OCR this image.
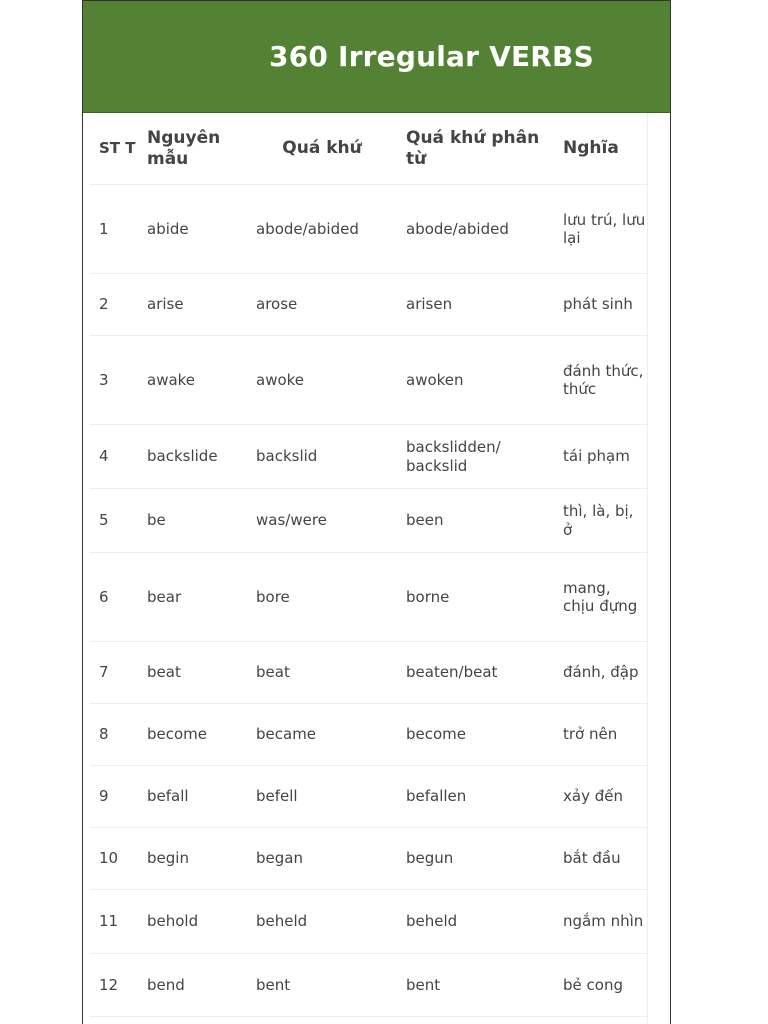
360 Irregular VERBS
ST T	Nguyên mẫu	Quá khứ	Quá khứ phân từ	Nghĩa
1	abide	abode/abided	abode/abided	lưu trú, lưu lại
2	arise	arose	arisen	phát sinh
3	awake	awoke	awoken	đánh thức, thức
4	backslide	backslid	backslidden/ backslid	tái phạm
5	be	was/were	been	thì, là, bị, ở
6	bear	bore	borne	mang, chịu đựng
7	beat	beat	beaten/beat	đánh, đập
8	become	became	become	trở nên
9	befall	befell	befallen	xảy đến
10	begin	began	begun	bắt đầu
11	behold	beheld	beheld	ngắm nhìn
12	bend	bent	bent	bẻ cong
